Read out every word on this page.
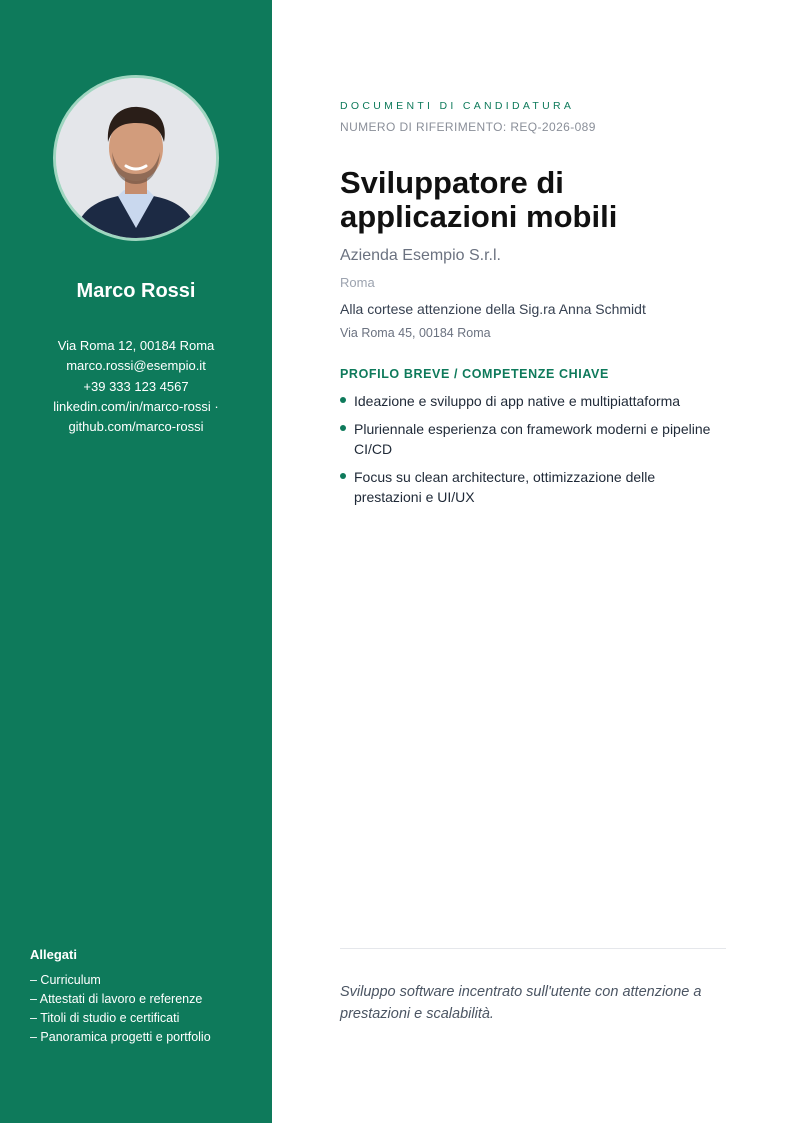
Marco Rossi
Via Roma 12, 00184 Roma
marco.rossi@esempio.it
+39 333 123 4567
linkedin.com/in/marco-rossi ·
github.com/marco-rossi
Allegati
– Curriculum
– Attestati di lavoro e referenze
– Titoli di studio e certificati
– Panoramica progetti e portfolio
DOCUMENTI DI CANDIDATURA
NUMERO DI RIFERIMENTO: REQ-2026-089
Sviluppatore di applicazioni mobili
Azienda Esempio S.r.l.
Roma
Alla cortese attenzione della Sig.ra Anna Schmidt
Via Roma 45, 00184 Roma
PROFILO BREVE / COMPETENZE CHIAVE
Ideazione e sviluppo di app native e multipiattaforma
Pluriennale esperienza con framework moderni e pipeline CI/CD
Focus su clean architecture, ottimizzazione delle prestazioni e UI/UX
Sviluppo software incentrato sull'utente con attenzione a prestazioni e scalabilità.
